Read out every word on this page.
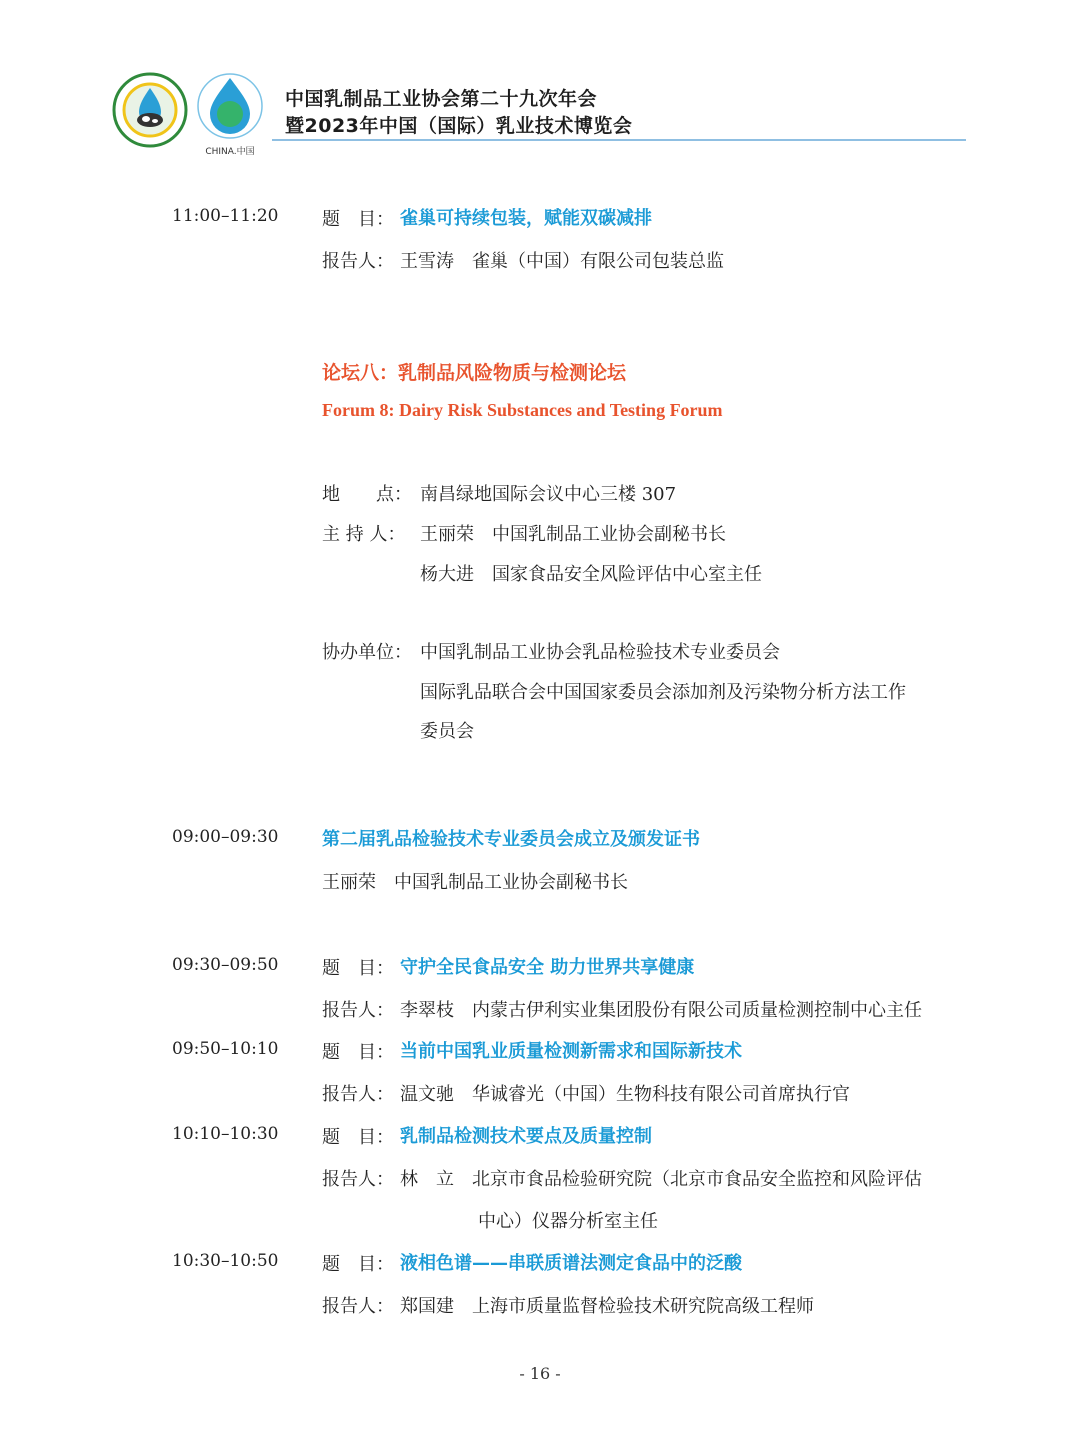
CHINA.中国
中国乳制品工业协会第二十九次年会
暨2023年中国（国际）乳业技术博览会
11:00–11:20 题　目： 雀巢可持续包装，赋能双碳减排
报告人： 王雪涛　雀巢（中国）有限公司包装总监
论坛八：乳制品风险物质与检测论坛
Forum 8: Dairy Risk Substances and Testing Forum
地　　点： 南昌绿地国际会议中心三楼 307
主 持 人： 王丽荣　中国乳制品工业协会副秘书长
杨大进　国家食品安全风险评估中心室主任
协办单位： 中国乳制品工业协会乳品检验技术专业委员会
国际乳品联合会中国国家委员会添加剂及污染物分析方法工作
委员会
09:00–09:30 第二届乳品检验技术专业委员会成立及颁发证书
王丽荣　中国乳制品工业协会副秘书长
09:30–09:50 题　目： 守护全民食品安全 助力世界共享健康
报告人： 李翠枝　内蒙古伊利实业集团股份有限公司质量检测控制中心主任
09:50–10:10 题　目： 当前中国乳业质量检测新需求和国际新技术
报告人： 温文驰　华诚睿光（中国）生物科技有限公司首席执行官
10:10–10:30 题　目： 乳制品检测技术要点及质量控制
报告人： 林　立　北京市食品检验研究院（北京市食品安全监控和风险评估
中心）仪器分析室主任
10:30–10:50 题　目： 液相色谱——串联质谱法测定食品中的泛酸
报告人： 郑国建　上海市质量监督检验技术研究院高级工程师
- 16 -
